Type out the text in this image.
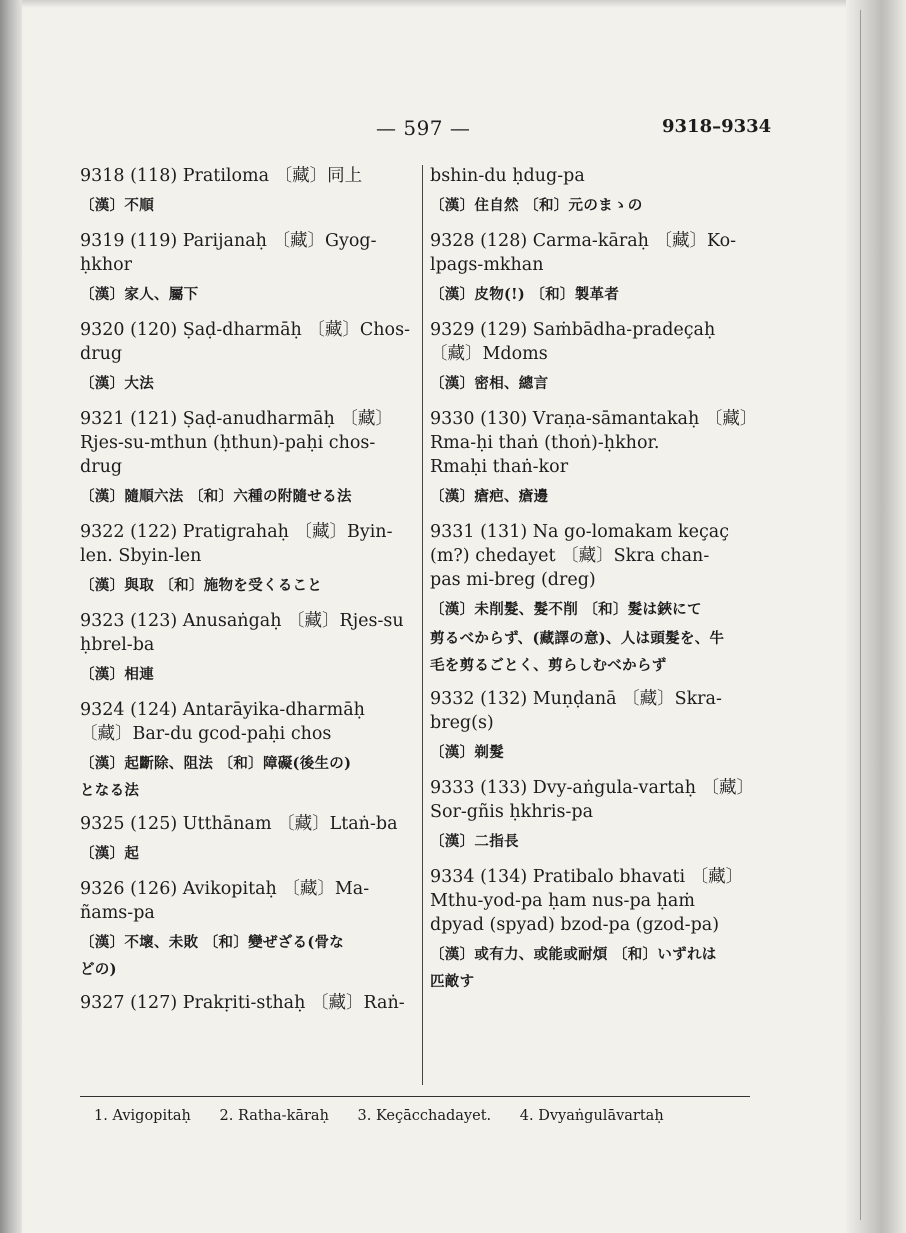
— 597 —	9318–9334
9318 (118) Pratiloma 〔藏〕同上
〔漢〕不順
9319 (119) Parijanaḥ 〔藏〕Gyog-
ḥkhor
〔漢〕家人、屬下
9320 (120) Ṣaḍ-dharmāḥ 〔藏〕Chos-
drug
〔漢〕大法
9321 (121) Ṣaḍ-anudharmāḥ 〔藏〕
Rjes-su-mthun (ḥthun)-paḥi chos-
drug
〔漢〕隨順六法 〔和〕六種の附隨せる法
9322 (122) Pratigrahaḥ 〔藏〕Byin-
len. Sbyin-len
〔漢〕與取 〔和〕施物を受くること
9323 (123) Anusaṅgaḥ 〔藏〕Rjes-su
ḥbrel-ba
〔漢〕相連
9324 (124) Antarāyika-dharmāḥ
〔藏〕Bar-du gcod-paḥi chos
〔漢〕起斷除、阻法 〔和〕障礙(後生の)
となる法
9325 (125) Utthānam 〔藏〕Ltaṅ-ba
〔漢〕起
9326 (126) Avikopitaḥ 〔藏〕Ma-
ñams-pa
〔漢〕不壞、未敗 〔和〕變ぜざる(骨な
どの)
9327 (127) Prakṛiti-sthaḥ 〔藏〕Raṅ-
bshin-du ḥdug-pa
〔漢〕住自然 〔和〕元のまゝの
9328 (128) Carma-kāraḥ 〔藏〕Ko-
lpags-mkhan
〔漢〕皮物(!) 〔和〕製革者
9329 (129) Saṁbādha-pradeçaḥ
〔藏〕Mdoms
〔漢〕密相、總言
9330 (130) Vraṇa-sāmantakaḥ 〔藏〕
Rma-ḥi thaṅ (thoṅ)-ḥkhor.
Rmaḥi thaṅ-kor
〔漢〕瘡疤、瘡邊
9331 (131) Na go-lomakam keçaç
(m?) chedayet 〔藏〕Skra chan-
pas mi-breg (dreg)
〔漢〕未削髮、髮不削 〔和〕髮は鋏にて
剪るべからず、(藏譯の意)、人は頭髮を、牛
毛を剪るごとく、剪らしむべからず
9332 (132) Muṇḍanā 〔藏〕Skra-
breg(s)
〔漢〕剃髮
9333 (133) Dvy-aṅgula-vartaḥ 〔藏〕
Sor-gñis ḥkhris-pa
〔漢〕二指長
9334 (134) Pratibalo bhavati 〔藏〕
Mthu-yod-pa ḥam nus-pa ḥaṁ
dpyad (spyad) bzod-pa (gzod-pa)
〔漢〕或有力、或能或耐煩 〔和〕いずれは
匹敵す
1. Avigopitaḥ 2. Ratha-kāraḥ 3. Keçācchadayet. 4. Dvyaṅgulāvartaḥ
